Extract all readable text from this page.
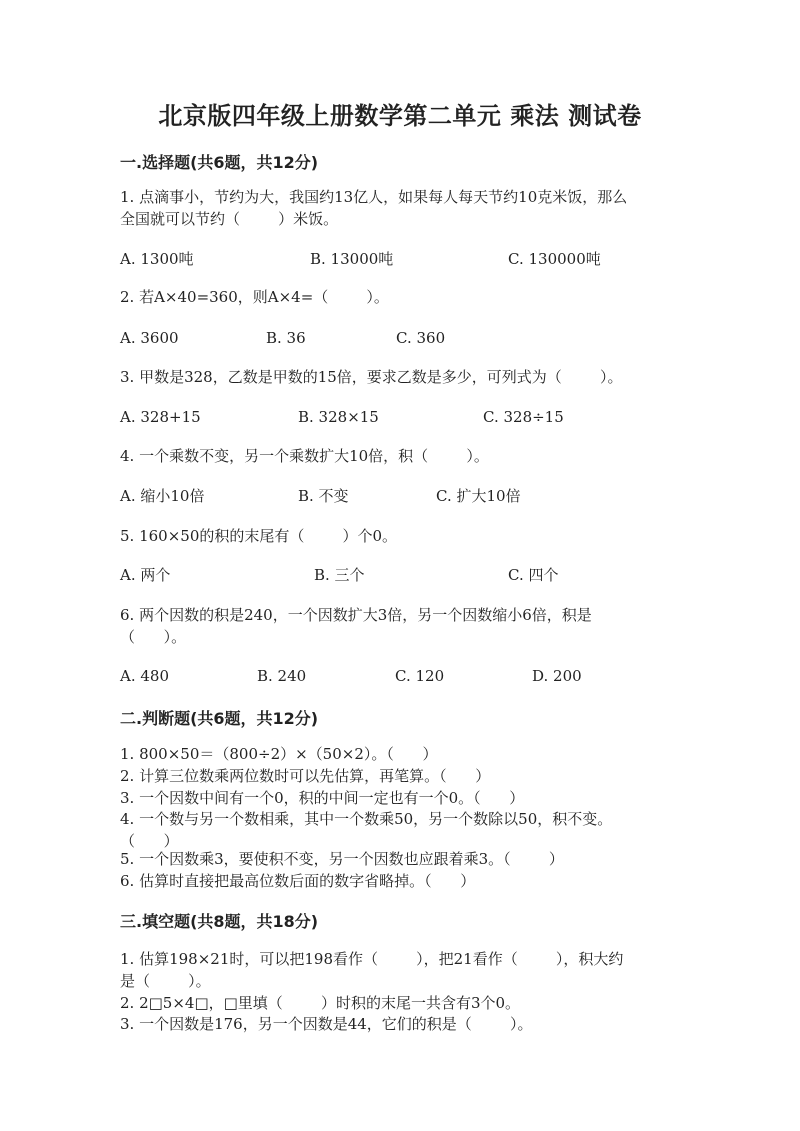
北京版四年级上册数学第二单元 乘法 测试卷
一.选择题(共6题，共12分)
1. 点滴事小，节约为大，我国约13亿人，如果每人每天节约10克米饭，那么
全国就可以节约（        ）米饭。
A. 1300吨	B. 13000吨	C. 130000吨
2. 若A×40=360，则A×4=（        ）。
A. 3600	B. 36	C. 360
3. 甲数是328，乙数是甲数的15倍，要求乙数是多少，可列式为（        ）。
A. 328+15	B. 328×15	C. 328÷15
4. 一个乘数不变，另一个乘数扩大10倍，积（        ）。
A. 缩小10倍	B. 不变	C. 扩大10倍
5. 160×50的积的末尾有（        ）个0。
A. 两个	B. 三个	C. 四个
6. 两个因数的积是240，一个因数扩大3倍，另一个因数缩小6倍，积是
（      ）。
A. 480	B. 240	C. 120	D. 200
二.判断题(共6题，共12分)
1. 800×50＝（800÷2）×（50×2）。（      ）
2. 计算三位数乘两位数时可以先估算，再笔算。（      ）
3. 一个因数中间有一个0，积的中间一定也有一个0。（      ）
4. 一个数与另一个数相乘，其中一个数乘50，另一个数除以50，积不变。
（      ）
5. 一个因数乘3，要使积不变，另一个因数也应跟着乘3。（        ）
6. 估算时直接把最高位数后面的数字省略掉。（      ）
三.填空题(共8题，共18分)
1. 估算198×21时，可以把198看作（        ），把21看作（        ），积大约
是（        ）。
2. 2□5×4□，□里填（        ）时积的末尾一共含有3个0。
3. 一个因数是176，另一个因数是44，它们的积是（        ）。
